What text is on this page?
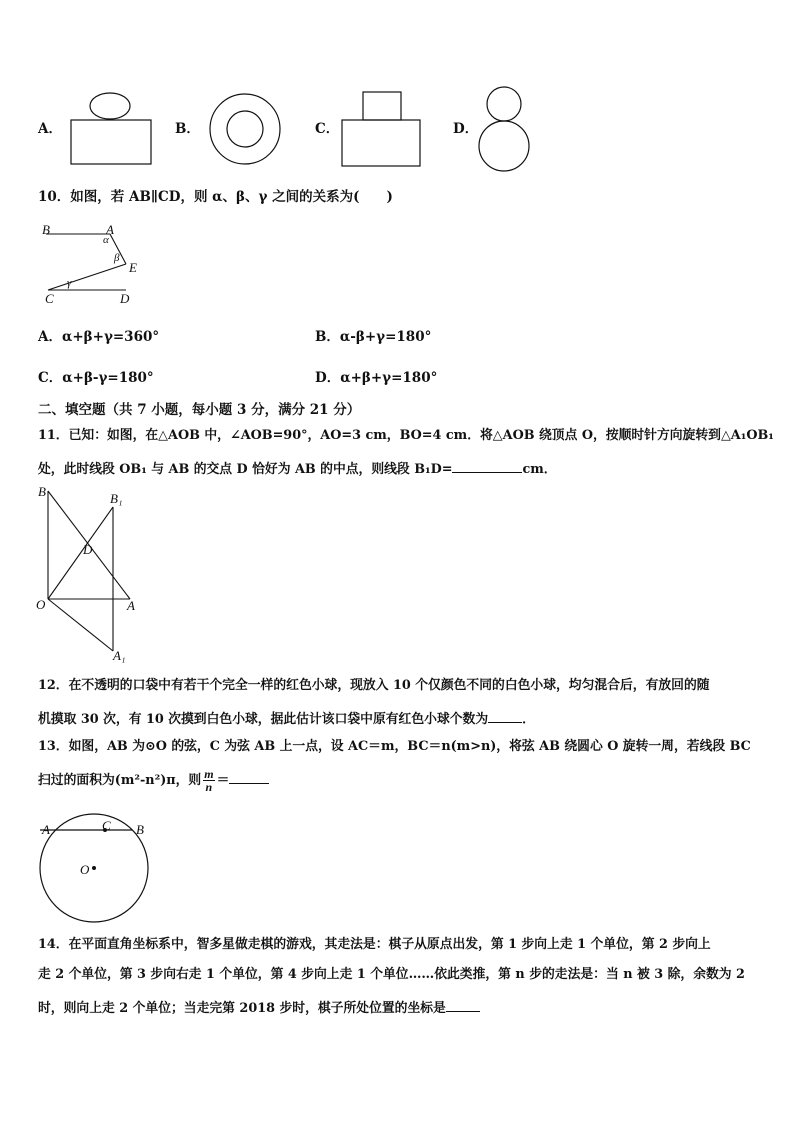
A．	B．	C．	D．
10．如图，若 AB∥CD，则 α、β、γ 之间的关系为(　　)
B	A
α
β
E
γ
C	D
A．α+β+γ=360°	B．α-β+γ=180°
C．α+β-γ=180°	D．α+β+γ=180°
二、填空题（共 7 小题，每小题 3 分，满分 21 分）
11．已知：如图，在△AOB 中，∠AOB=90°，AO=3 cm，BO=4 cm．将△AOB 绕顶点 O，按顺时针方向旋转到△A₁OB₁
处，此时线段 OB₁ 与 AB 的交点 D 恰好为 AB 的中点，则线段 B₁D=	cm．
B	B₁
D
O	A
A₁
12．在不透明的口袋中有若干个完全一样的红色小球，现放入 10 个仅颜色不同的白色小球，均匀混合后，有放回的随
机摸取 30 次，有 10 次摸到白色小球，据此估计该口袋中原有红色小球个数为	．
13．如图，AB 为⊙O 的弦，C 为弦 AB 上一点，设 AC＝m，BC＝n(m>n)，将弦 AB 绕圆心 O 旋转一周，若线段 BC
扫过的面积为(m²-n²)π，则 $\frac{m}{n}$ ＝
A	C B
O
14．在平面直角坐标系中，智多星做走棋的游戏，其走法是：棋子从原点出发，第 1 步向上走 1 个单位，第 2 步向上
走 2 个单位，第 3 步向右走 1 个单位，第 4 步向上走 1 个单位……依此类推，第 n 步的走法是：当 n 被 3 除，余数为 2
时，则向上走 2 个单位；当走完第 2018 步时，棋子所处位置的坐标是
